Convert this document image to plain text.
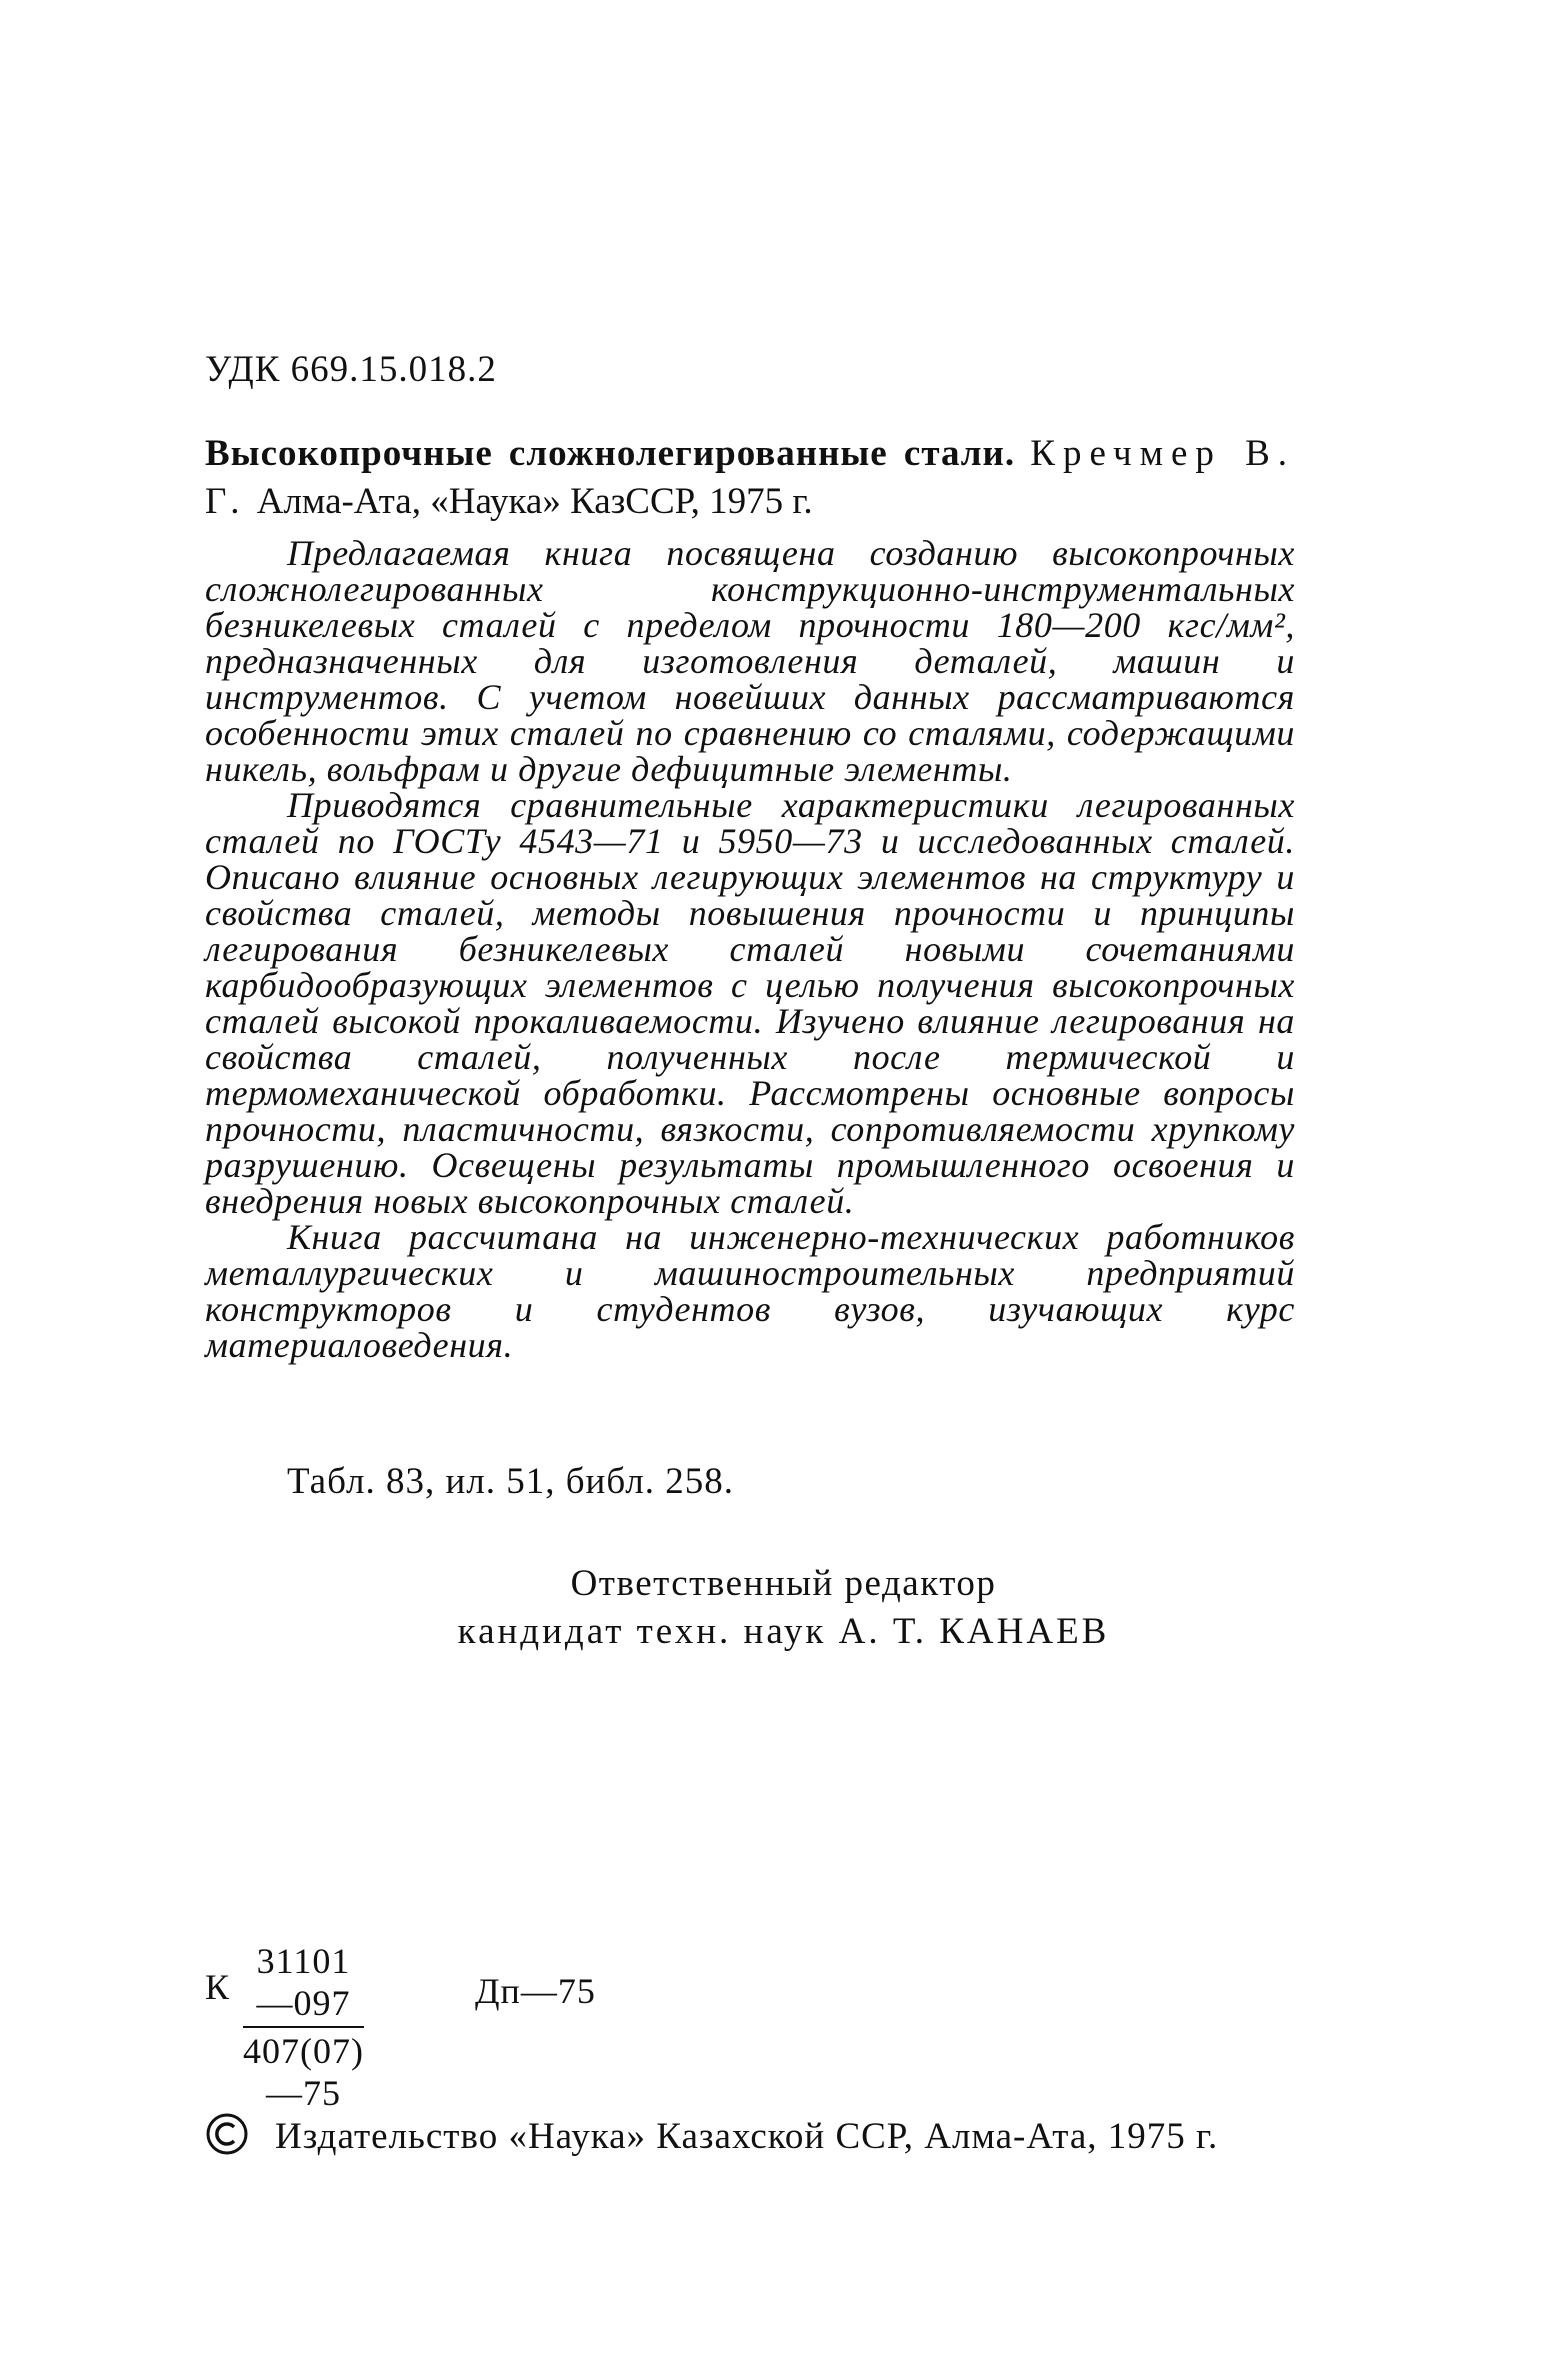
УДК 669.15.018.2
Высокопрочные сложнолегированные стали. Кречмер В. Г. Алма-Ата, «Наука» КазССР, 1975 г.

Предлагаемая книга посвящена созданию высокопрочных сложнолегированных конструкционно-инструментальных безникелевых сталей с пределом прочности 180—200 кгс/мм², предназначенных для изготовления деталей, машин и инструментов. С учетом новейших данных рассматриваются особенности этих сталей по сравнению со сталями, содержащими никель, вольфрам и другие дефицитные элементы.

Приводятся сравнительные характеристики легированных сталей по ГОСТу 4543—71 и 5950—73 и исследованных сталей. Описано влияние основных легирующих элементов на структуру и свойства сталей, методы повышения прочности и принципы легирования безникелевых сталей новыми сочетаниями карбидообразующих элементов с целью получения высокопрочных сталей высокой прокаливаемости. Изучено влияние легирования на свойства сталей, полученных после термической и термомеханической обработки. Рассмотрены основные вопросы прочности, пластичности, вязкости, сопротивляемости хрупкому разрушению. Освещены результаты промышленного освоения и внедрения новых высокопрочных сталей.

Книга рассчитана на инженерно-технических работников металлургических и машиностроительных предприятий конструкторов и студентов вузов, изучающих курс материаловедения.

Табл. 83, ил. 51, библ. 258.
Ответственный редактор
кандидат техн. наук А. Т. КАНАЕВ
К $\frac{31101—097}{407(07)—75}$	Дп—75
Издательство «Наука» Казахской ССР, Алма-Ата, 1975 г.
